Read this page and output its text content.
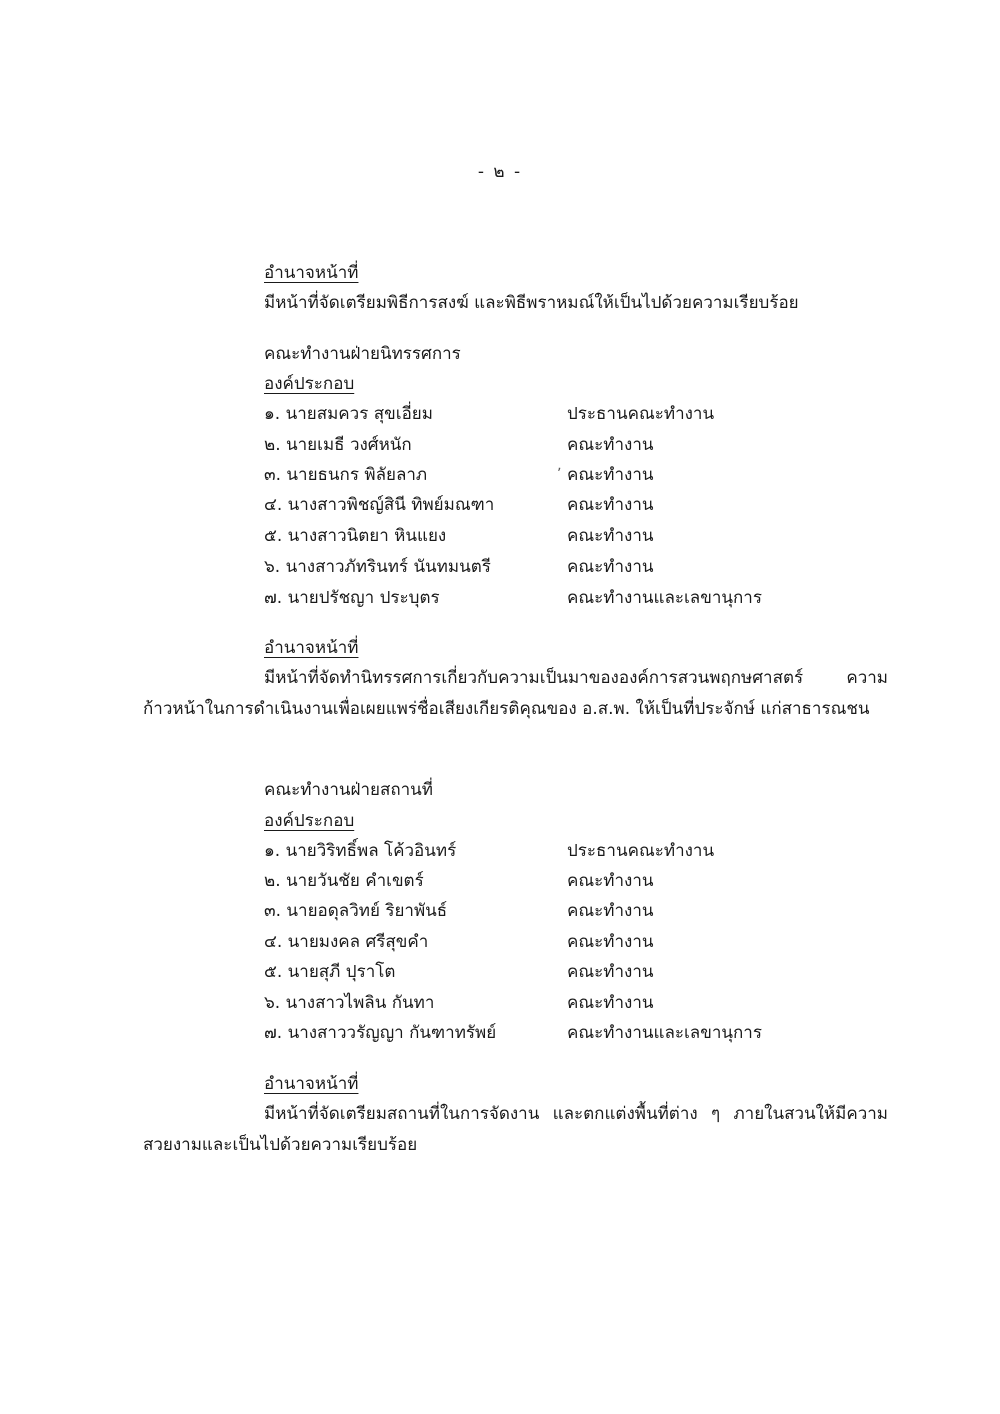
- ๒ -
อำนาจหน้าที่
มีหน้าที่จัดเตรียมพิธีการสงฆ์ และพิธีพราหมณ์ให้เป็นไปด้วยความเรียบร้อย
คณะทำงานฝ่ายนิทรรศการ
องค์ประกอบ
๑. นายสมควร สุขเอี่ยม	ประธานคณะทำงาน
๒. นายเมธี วงศ์หนัก	คณะทำงาน
๓. นายธนกร พิลัยลาภ	คณะทำงาน
ʼ
๔. นางสาวพิชญ์สินี ทิพย์มณฑา	คณะทำงาน
๕. นางสาวนิตยา หินแยง	คณะทำงาน
๖. นางสาวภัทรินทร์ นันทมนตรี	คณะทำงาน
๗. นายปรัชญา ประบุตร	คณะทำงานและเลขานุการ
อำนาจหน้าที่
มีหน้าที่จัดทำนิทรรศการเกี่ยวกับความเป็นมาขององค์การสวนพฤกษศาสตร์ ความก้าวหน้าในการดำเนินงานเพื่อเผยแพร่ชื่อเสียงเกียรติคุณของ อ.ส.พ. ให้เป็นที่ประจักษ์ แก่สาธารณชน
คณะทำงานฝ่ายสถานที่
องค์ประกอบ
๑. นายวิริทธิ์พล โค้วอินทร์	ประธานคณะทำงาน
๒. นายวันชัย คำเขตร์	คณะทำงาน
๓. นายอดุลวิทย์ ริยาพันธ์	คณะทำงาน
๔. นายมงคล ศรีสุขคำ	คณะทำงาน
๕. นายสุภี ปุราโต	คณะทำงาน
๖. นางสาวไพลิน กันทา	คณะทำงาน
๗. นางสาววรัญญา กันฑาทรัพย์	คณะทำงานและเลขานุการ
อำนาจหน้าที่
มีหน้าที่จัดเตรียมสถานที่ในการจัดงาน และตกแต่งพื้นที่ต่าง ๆ ภายในสวนให้มีความสวยงามและเป็นไปด้วยความเรียบร้อย
